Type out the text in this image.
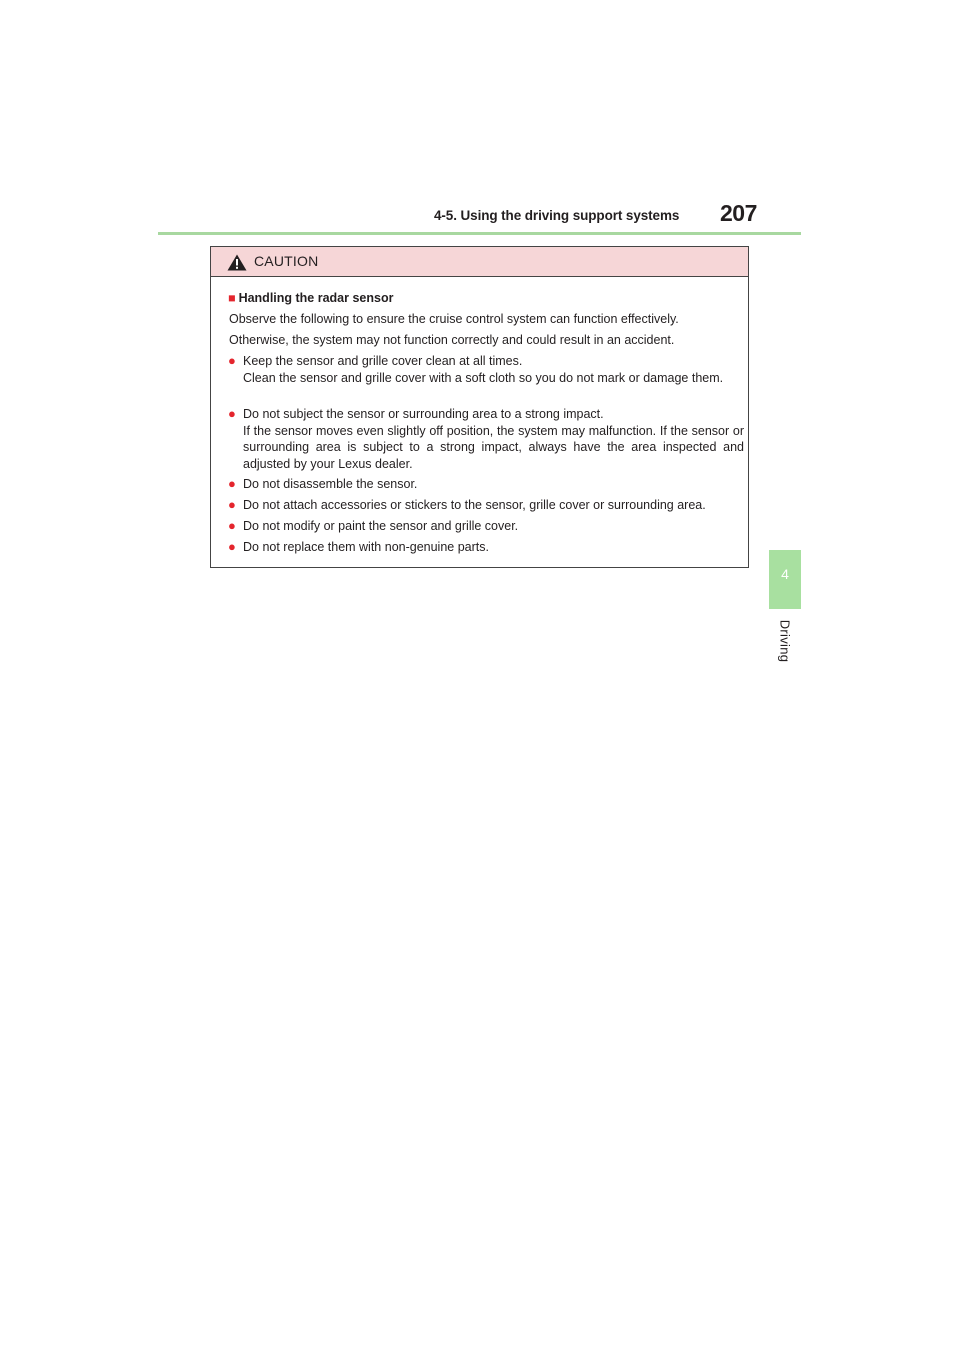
4-5. Using the driving support systems 207
4
Driving
CAUTION
■ Handling the radar sensor
Observe the following to ensure the cruise control system can function effectively.
Otherwise, the system may not function correctly and could result in an accident.
● Keep the sensor and grille cover clean at all times.
Clean the sensor and grille cover with a soft cloth so you do not mark or damage them.
● Do not subject the sensor or surrounding area to a strong impact.
If the sensor moves even slightly off position, the system may malfunction. If the sensor or surrounding area is subject to a strong impact, always have the area inspected and adjusted by your Lexus dealer.
● Do not disassemble the sensor.
● Do not attach accessories or stickers to the sensor, grille cover or surrounding area.
● Do not modify or paint the sensor and grille cover.
● Do not replace them with non-genuine parts.
